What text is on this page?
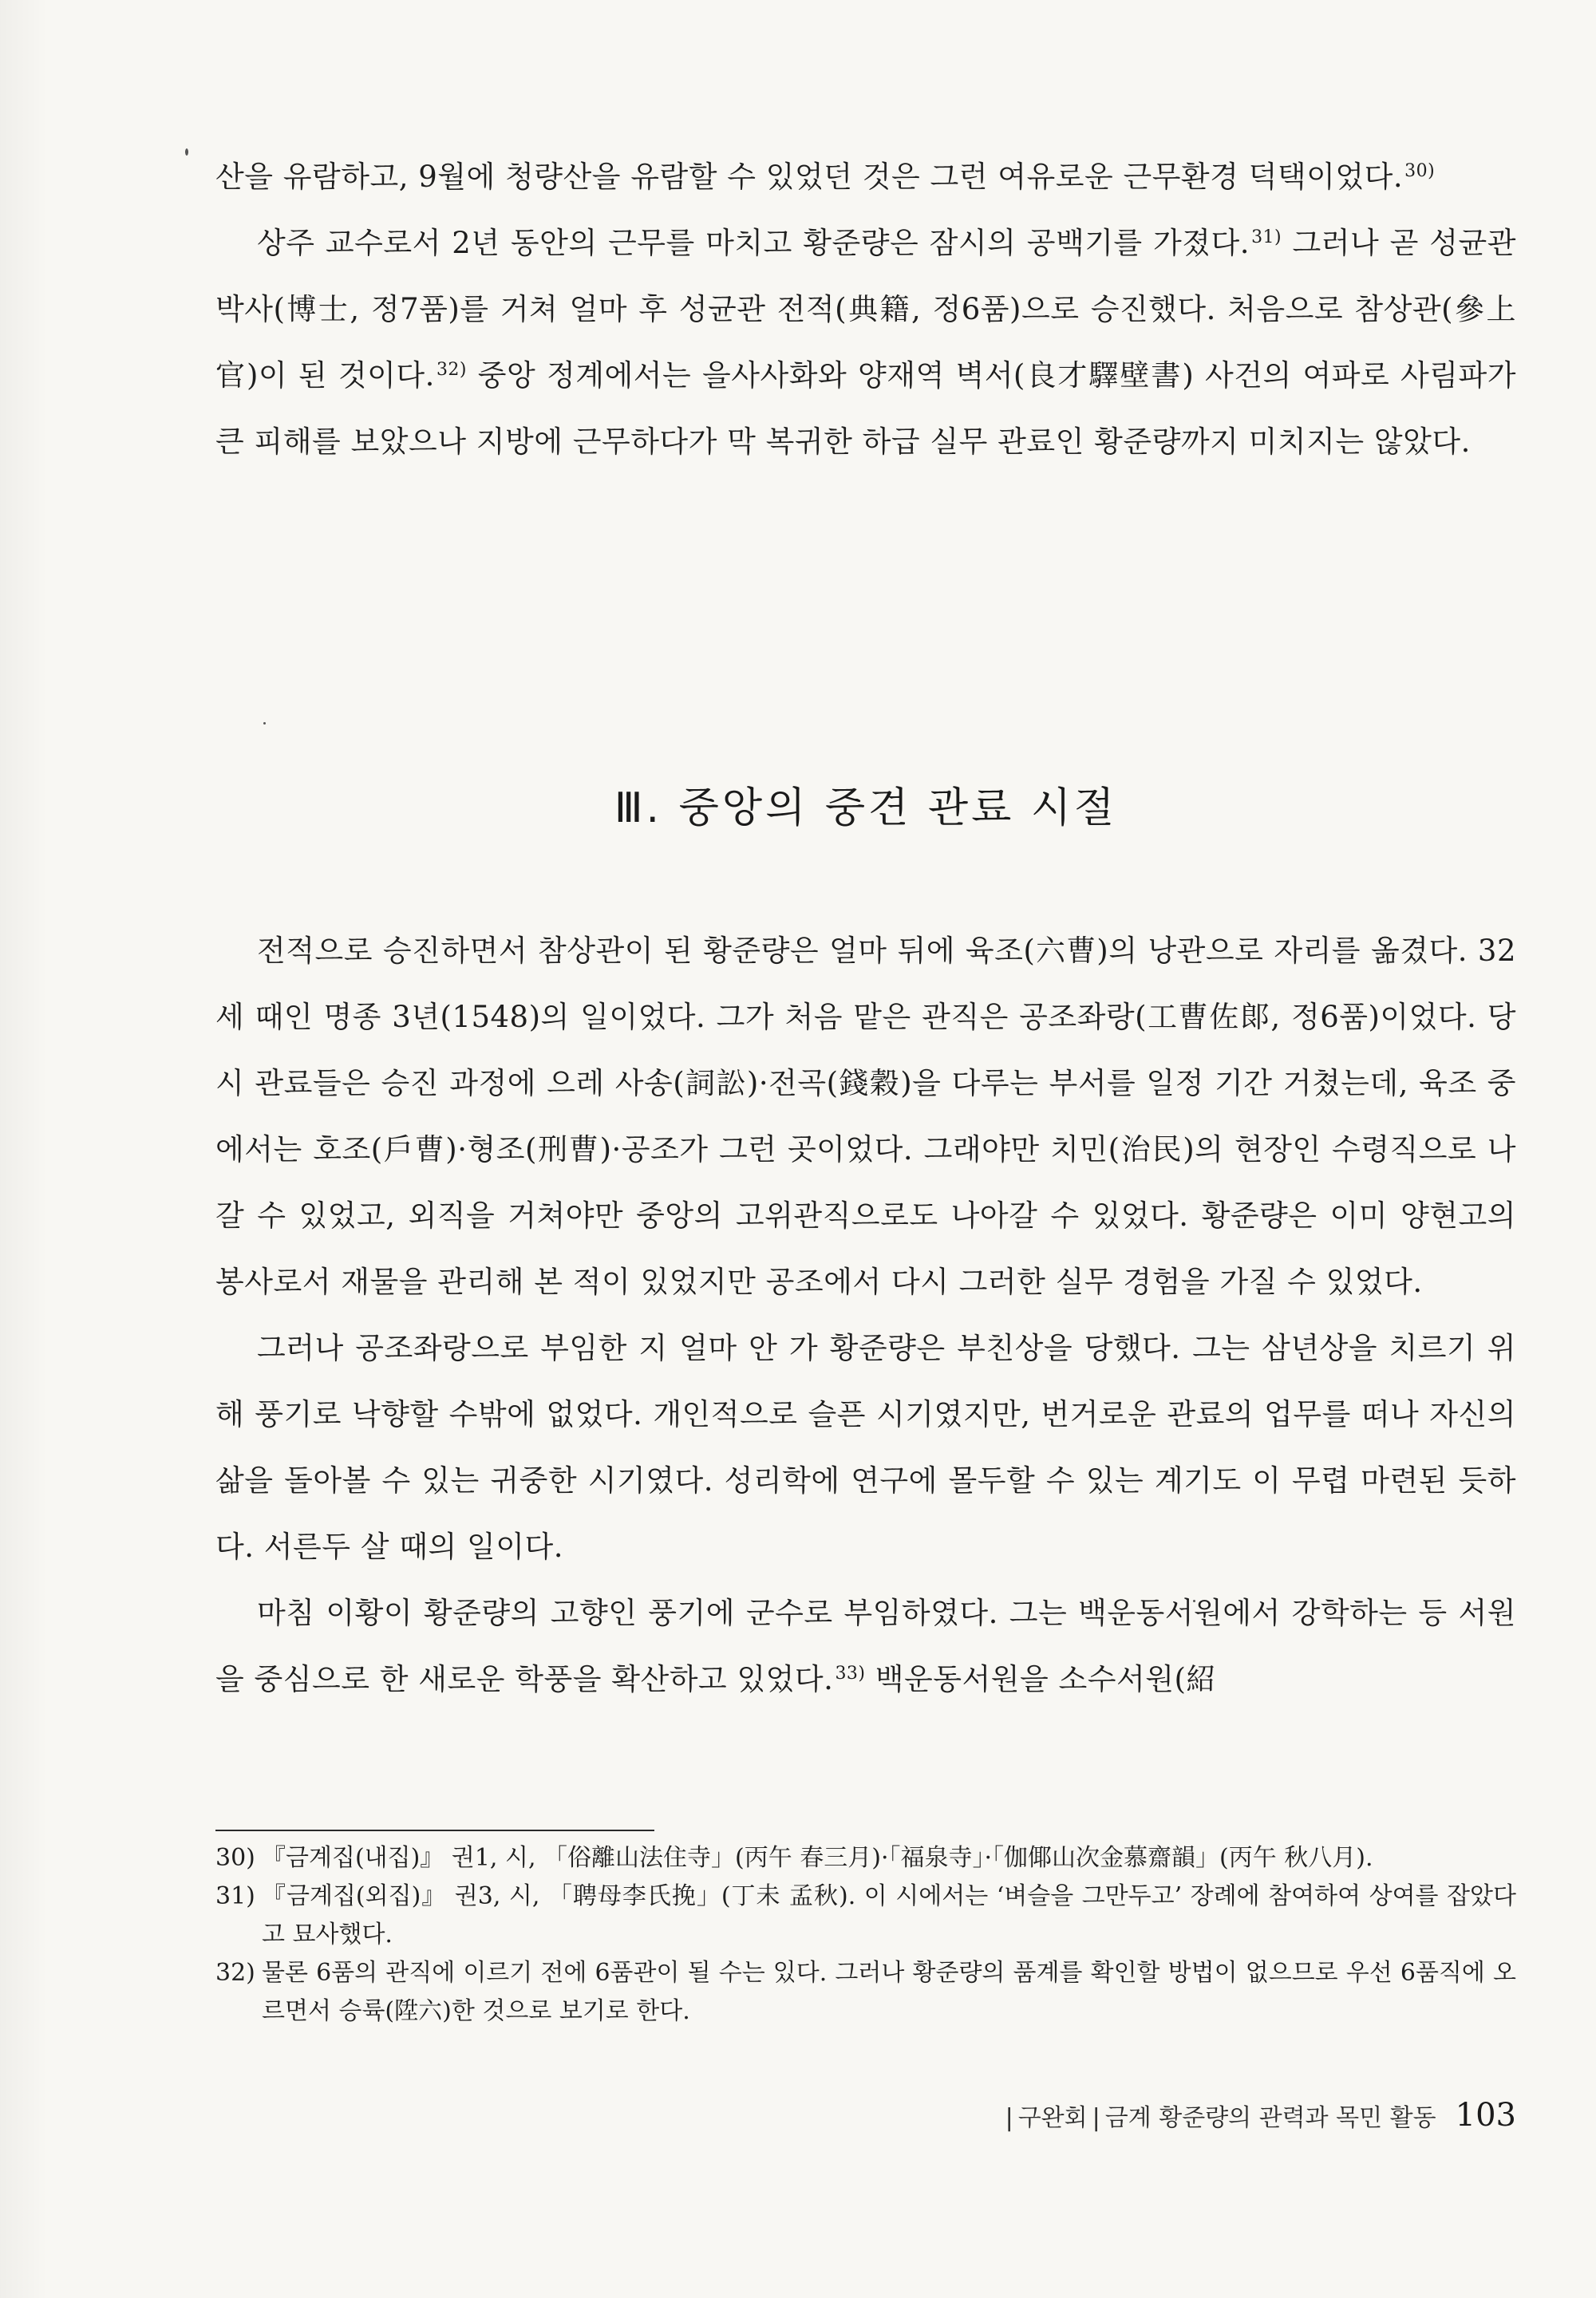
산을 유람하고, 9월에 청량산을 유람할 수 있었던 것은 그런 여유로운 근무환경 덕택이었다.$^{30)}$

상주 교수로서 2년 동안의 근무를 마치고 황준량은 잠시의 공백기를 가졌다.$^{31)}$ 그러나 곧 성균관 박사(博士, 정7품)를 거쳐 얼마 후 성균관 전적(典籍, 정6품)으로 승진했다. 처음으로 참상관(參上官)이 된 것이다.$^{32)}$ 중앙 정계에서는 을사사화와 양재역 벽서(良才驛壁書) 사건의 여파로 사림파가 큰 피해를 보았으나 지방에 근무하다가 막 복귀한 하급 실무 관료인 황준량까지 미치지는 않았다.

Ⅲ. 중앙의 중견 관료 시절

전적으로 승진하면서 참상관이 된 황준량은 얼마 뒤에 육조(六曹)의 낭관으로 자리를 옮겼다. 32세 때인 명종 3년(1548)의 일이었다. 그가 처음 맡은 관직은 공조좌랑(工曹佐郞, 정6품)이었다. 당시 관료들은 승진 과정에 으레 사송(詞訟)·전곡(錢穀)을 다루는 부서를 일정 기간 거쳤는데, 육조 중에서는 호조(戶曹)·형조(刑曹)·공조가 그런 곳이었다. 그래야만 치민(治民)의 현장인 수령직으로 나갈 수 있었고, 외직을 거쳐야만 중앙의 고위관직으로도 나아갈 수 있었다. 황준량은 이미 양현고의 봉사로서 재물을 관리해 본 적이 있었지만 공조에서 다시 그러한 실무 경험을 가질 수 있었다.

그러나 공조좌랑으로 부임한 지 얼마 안 가 황준량은 부친상을 당했다. 그는 삼년상을 치르기 위해 풍기로 낙향할 수밖에 없었다. 개인적으로 슬픈 시기였지만, 번거로운 관료의 업무를 떠나 자신의 삶을 돌아볼 수 있는 귀중한 시기였다. 성리학에 연구에 몰두할 수 있는 계기도 이 무렵 마련된 듯하다. 서른두 살 때의 일이다.

마침 이황이 황준량의 고향인 풍기에 군수로 부임하였다. 그는 백운동서원에서 강학하는 등 서원을 중심으로 한 새로운 학풍을 확산하고 있었다.$^{33)}$ 백운동서원을 소수서원(紹

30) 『금계집(내집)』 권1, 시, 「俗離山法住寺」(丙午 春三月)·「福泉寺」·「伽倻山次金慕齋韻」(丙午 秋八月).
31) 『금계집(외집)』 권3, 시, 「聘母李氏挽」(丁未 孟秋). 이 시에서는 ‘벼슬을 그만두고’ 장례에 참여하여 상여를 잡았다고 묘사했다.
32) 물론 6품의 관직에 이르기 전에 6품관이 될 수는 있다. 그러나 황준량의 품계를 확인할 방법이 없으므로 우선 6품직에 오르면서 승륙(陞六)한 것으로 보기로 한다.
| 구완회 | 금계 황준량의 관력과 목민 활동 103
